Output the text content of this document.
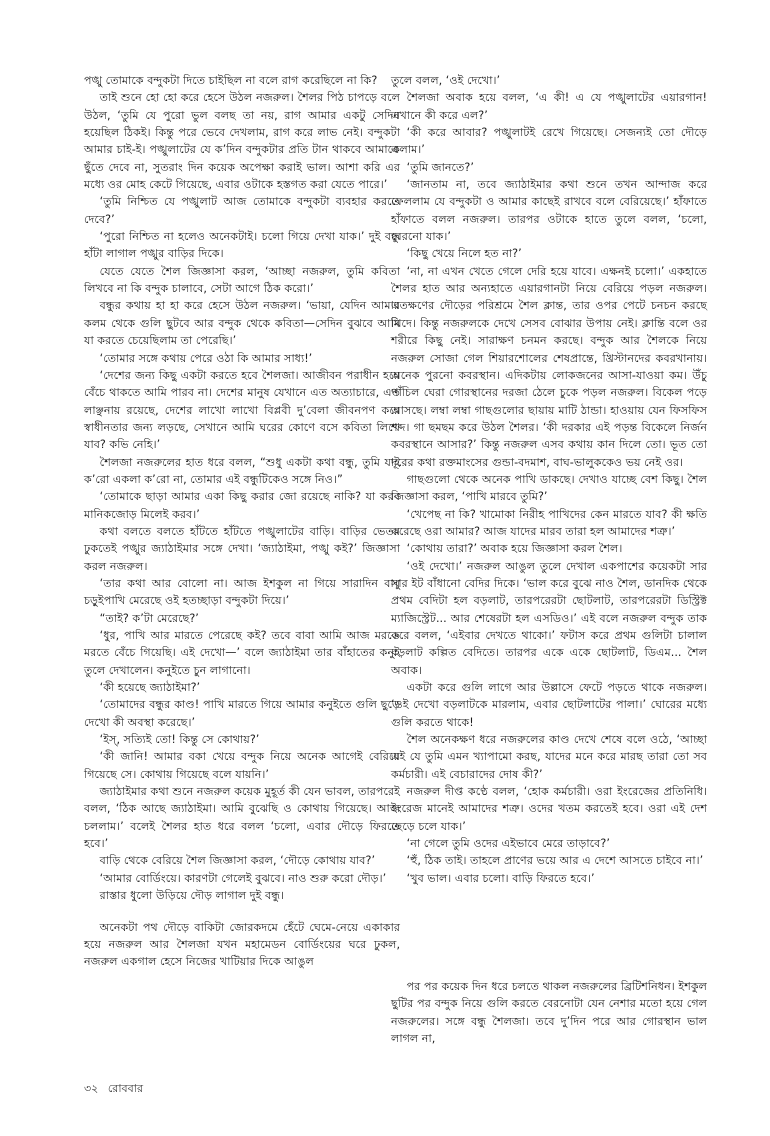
পঙ্খু তোমাকে বন্দুকটা দিতে চাইছিল না বলে রাগ করেছিলে না কি?

তাই শুনে হো হো করে হেসে উঠল নজরুল। শৈলর পিঠ চাপড়ে বলে উঠল, ‘তুমি যে পুরো ভুল বলছ তা নয়, রাগ আমার একটু সেদিন হয়েছিল ঠিকই। কিন্তু পরে ভেবে দেখলাম, রাগ করে লাভ নেই। বন্দুকটা আমার চাই-ই। পঙ্খুলাটের যে ক’দিন বন্দুকটার প্রতি টান থাকবে আমাকে ছুঁতে দেবে না, সুতরাং দিন কয়েক অপেক্ষা করাই ভাল। আশা করি এর মধ্যে ওর মোহ কেটে গিয়েছে, এবার ওটাকে হস্তগত করা যেতে পারে।’

‘তুমি নিশ্চিত যে পঙ্খুলাট আজ তোমাকে বন্দুকটা ব্যবহার করতে দেবে?’

‘পুরো নিশ্চিত না হলেও অনেকটাই। চলো গিয়ে দেখা যাক।’ দুই বন্ধু হাঁটা লাগাল পঙ্খুর বাড়ির দিকে।

যেতে যেতে শৈল জিজ্ঞাসা করল, ‘আচ্ছা নজরুল, তুমি কবিতা লিখবে না কি বন্দুক চালাবে, সেটা আগে ঠিক করো।’

বন্ধুর কথায় হা হা করে হেসে উঠল নজরুল। ‘ভায়া, যেদিন আমার কলম থেকে গুলি ছুটবে আর বন্দুক থেকে কবিতা—সেদিন বুঝবে আমি যা করতে চেয়েছিলাম তা পেরেছি।’

‘তোমার সঙ্গে কথায় পেরে ওঠা কি আমার সাধ্য!’

‘দেশের জন্য কিছু একটা করতে হবে শৈলজা। আজীবন পরাধীন হয়ে বেঁচে থাকতে আমি পারব না। দেশের মানুষ যেখানে এত অত্যাচারে, এত লাঞ্ছনায় রয়েছে, দেশের লাখো লাখো বিপ্লবী দু’বেলা জীবনপণ করে স্বাধীনতার জন্য লড়ছে, সেখানে আমি ঘরের কোণে বসে কবিতা লিখে যাব? কভি নেহি।’

শৈলজা নজরুলের হাত ধরে বলল, “শুধু একটা কথা বন্ধু, তুমি যাই ক’রো একলা ক’রো না, তোমার এই বন্ধুটিকেও সঙ্গে নিও।”

‘তোমাকে ছাড়া আমার একা কিছু করার জো রয়েছে নাকি? যা করব মানিকজোড় মিলেই করব।’

কথা বলতে বলতে হাঁটতে হাঁটতে পঙ্খুলাটের বাড়ি। বাড়ির ভেতর ঢুকতেই পঙ্খুর জ্যাঠাইমার সঙ্গে দেখা। ‘জ্যাঠাইমা, পঙ্খু কই?’ জিজ্ঞাসা করল নজরুল।

‘তার কথা আর বোলো না। আজ ইশকুল না গিয়ে সারাদিন বাবু চড়ুইপাখি মেরেছে ওই হতচ্ছাড়া বন্দুকটা দিয়ে।’

“তাই? ক’টা মেরেছে?’

‘ধুর, পাখি আর মারতে পেরেছে কই? তবে বাবা আমি আজ মরতে মরতে বেঁচে গিয়েছি। এই দেখো—’ বলে জ্যাঠাইমা তার বাঁহাতের কনুই তুলে দেখালেন। কনুইতে চুন লাগানো।

‘কী হয়েছে জ্যাঠাইমা?’

‘তোমাদের বন্ধুর কাণ্ড! পাখি মারতে গিয়ে আমার কনুইতে গুলি ছুড়ে দেখো কী অবস্থা করেছে।’

‘ইস্‌, সত্যিই তো! কিন্তু সে কোথায়?’

‘কী জানি! আমার বকা খেয়ে বন্দুক নিয়ে অনেক আগেই বেরিয়ে গিয়েছে সে। কোথায় গিয়েছে বলে যায়নি।’

জ্যাঠাইমার কথা শুনে নজরুল কয়েক মুহূর্ত কী যেন ভাবল, তারপরেই বলল, ‘ঠিক আছে জ্যাঠাইমা। আমি বুঝেছি ও কোথায় গিয়েছে। আজ চললাম।’ বলেই শৈলর হাত ধরে বলল ‘চলো, এবার দৌড়ে ফিরতে হবে।’

বাড়ি থেকে বেরিয়ে শৈল জিজ্ঞাসা করল, ‘দৌড়ে কোথায় যাব?’

‘আমার বোর্ডিংয়ে। কারণটা গেলেই বুঝবে। নাও শুরু করো দৌড়।’

রাস্তার ধুলো উড়িয়ে দৌড় লাগাল দুই বন্ধু।

অনেকটা পথ দৌড়ে বাকিটা জোরকদমে হেঁটে ঘেমে-নেয়ে একাকার হয়ে নজরুল আর শৈলজা যখন মহামেডন বোর্ডিংয়ের ঘরে ঢুকল, নজরুল একগাল হেসে নিজের খাটিয়ার দিকে আঙুল

তুলে বলল, ‘ওই দেখো।’

শৈলজা অবাক হয়ে বলল, ‘এ কী! এ যে পঙ্খুলাটের এয়ারগান! এখানে কী করে এল?’

‘কী করে আবার? পঙ্খুলাটই রেখে গিয়েছে। সেজন্যই তো দৌড়ে এলাম।’

‘তুমি জানতে?’

‘জানতাম না, তবে জ্যাঠাইমার কথা শুনে তখন আন্দাজ করে ফেললাম যে বন্দুকটা ও আমার কাছেই রাখবে বলে বেরিয়েছে।’ হাঁফাতে হাঁফাতে বলল নজরুল। তারপর ওটাকে হাতে তুলে বলল, ‘চলো, বেরনো যাক।’

‘কিছু খেয়ে নিলে হত না?’

‘না, না এখন খেতে গেলে দেরি হয়ে যাবে। এক্ষনই চলো।’ একহাতে শৈলর হাত আর অন্যহাতে এয়ারগানটা নিয়ে বেরিয়ে পড়ল নজরুল। এতক্ষণের দৌড়ের পরিশ্রমে শৈল ক্লান্ত, তার ওপর পেটে চনচন করছে খিদে। কিন্তু নজরুলকে দেখে সেসব বোঝার উপায় নেই। ক্লান্তি বলে ওর শরীরে কিছু নেই। সারাক্ষণ চনমন করছে। বন্দুক আর শৈলকে নিয়ে নজরুল সোজা গেল শিয়ারশোলের শেষপ্রান্তে, খ্রিস্টানদের কবরখানায়। অনেক পুরনো কবরস্থান। এদিকটায় লোকজনের আসা-যাওয়া কম। উঁচু পাঁচিল ঘেরা গোরস্থানের দরজা ঠেলে চুকে পড়ল নজরুল। বিকেল পড়ে আসছে। লম্বা লম্বা গাছগুলোর ছায়ায় মাটি ঠান্ডা। হাওয়ায় যেন ফিসফিস শব্দ। গা ছমছম করে উঠল শৈলর। ‘কী দরকার এই পড়ন্ত বিকেলে নির্জন কবরস্থানে আসার?’ কিন্তু নজরুল এসব কথায় কান দিলে তো। ভূত তো দূরের কথা রক্তমাংসের গুন্ডা-বদমাশ, বাঘ-ভালুককেও ভয় নেই ওর।

গাছগুলো থেকে অনেক পাখি ডাকছে। দেখাও যাচ্ছে বেশ কিছু। শৈল জিজ্ঞাসা করল, ‘পাখি মারবে তুমি?’

‘খেপেছ না কি? খামোকা নিরীহ পাখিদের কেন মারতে যাব? কী ক্ষতি করেছে ওরা আমার? আজ যাদের মারব তারা হল আমাদের শত্রু।’

‘কোথায় তারা?’ অবাক হয়ে জিজ্ঞাসা করল শৈল।

‘ওই দেখো।’ নজরুল আঙুল তুলে দেখাল একপাশের কয়েকটা সার সার ইট বাঁধানো বেদির দিকে। ‘ভাল করে বুঝে নাও শৈল, ডানদিক থেকে প্রথম বেদিটা হল বড়লাট, তারপরেরটা ছোটলাট, তারপরেরটা ডিস্ট্রিক্ট ম্যাজিস্ট্রেট... আর শেষেরটা হল এসডিও।’ এই বলে নজরুল বন্দুক তাক করে বলল, ‘এইবার দেখতে থাকো।’ ফটাস করে প্রথম গুলিটা চালাল বড়লাট কল্পিত বেদিতে। তারপর একে একে ছোটলাট, ডিএম... শৈল অবাক।

একটা করে গুলি লাগে আর উল্লাসে ফেটে পড়তে থাকে নজরুল। ‘ওই দেখো বড়লাটকে মারলাম, এবার ছোটলাটের পালা।’ ঘোরের মধ্যে গুলি করতে থাকে!

শৈল অনেকক্ষণ ধরে নজরুলের কাণ্ড দেখে শেষে বলে ওঠে, ‘আচ্ছা এই যে তুমি এমন খ্যাপামো করছ, যাদের মনে করে মারছ তারা তো সব কর্মচারী। এই বেচারাদের দোষ কী?’

নজরুল দীপ্ত কণ্ঠে বলল, ‘হোক কর্মচারী। ওরা ইংরেজের প্রতিনিধি। ইংরেজ মানেই আমাদের শত্রু। ওদের খতম করতেই হবে। ওরা এই দেশ ছেড়ে চলে যাক।’

‘না গেলে তুমি ওদের এইভাবে মেরে তাড়াবে?’

‘হুঁ, ঠিক তাই। তাহলে প্রাণের ভয়ে আর এ দেশে আসতে চাইবে না।’

‘খুব ভাল। এবার চলো। বাড়ি ফিরতে হবে।’

পর পর কয়েক দিন ধরে চলতে থাকল নজরুলের ব্রিটিশনিধন। ইশকুল ছুটির পর বন্দুক নিয়ে গুলি করতে বেরনোটা যেন নেশার মতো হয়ে গেল নজরুলের। সঙ্গে বন্ধু শৈলজা। তবে দু’দিন পরে আর গোরস্থান ভাল লাগল না,

৩২ রোববার
